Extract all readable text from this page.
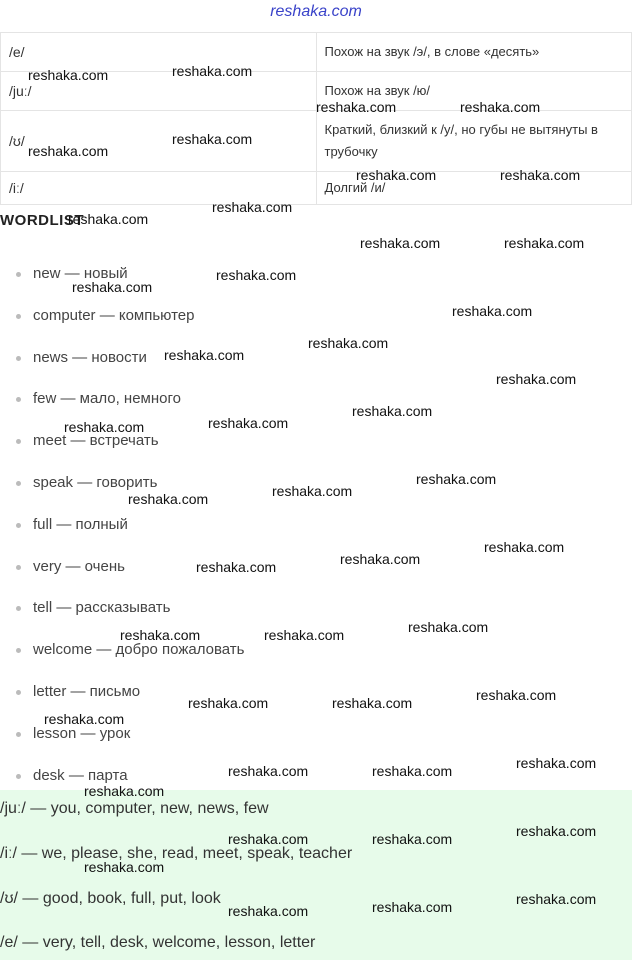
reshaka.com
/e/	Похож на звук /э/, в слове «десять»
/juː/	Похож на звук /ю/
/ʊ/	Краткий, близкий к /у/, но губы не вытянуты в трубочку
/iː/	Долгий /и/
WORDLIST
new — новый
computer — компьютер
news — новости
few — мало, немного
meet — встречать
speak — говорить
full — полный
very — очень
tell — рассказывать
welcome — добро пожаловать
letter — письмо
lesson — урок
desk — парта
/juː/ — you, computer, new, news, few
/iː/ — we, please, she, read, meet, speak, teacher
/ʊ/ — good, book, full, put, look
/e/ — very, tell, desk, welcome, lesson, letter
reshaka.com	reshaka.com
reshaka.com	reshaka.com
reshaka.com
reshaka.com
reshaka.com	reshaka.com
reshaka.com
reshaka.com
reshaka.com	reshaka.com
reshaka.com
reshaka.com
reshaka.com
reshaka.com
reshaka.com
reshaka.com
reshaka.com
reshaka.com
reshaka.com
reshaka.com
reshaka.com
reshaka.com
reshaka.com
reshaka.com
reshaka.com
reshaka.com
reshaka.com
reshaka.com
reshaka.com
reshaka.com
reshaka.com
reshaka.com
reshaka.com
reshaka.com
reshaka.com
reshaka.com
reshaka.com
reshaka.com
reshaka.com
reshaka.com
reshaka.com
reshaka.com
reshaka.com
